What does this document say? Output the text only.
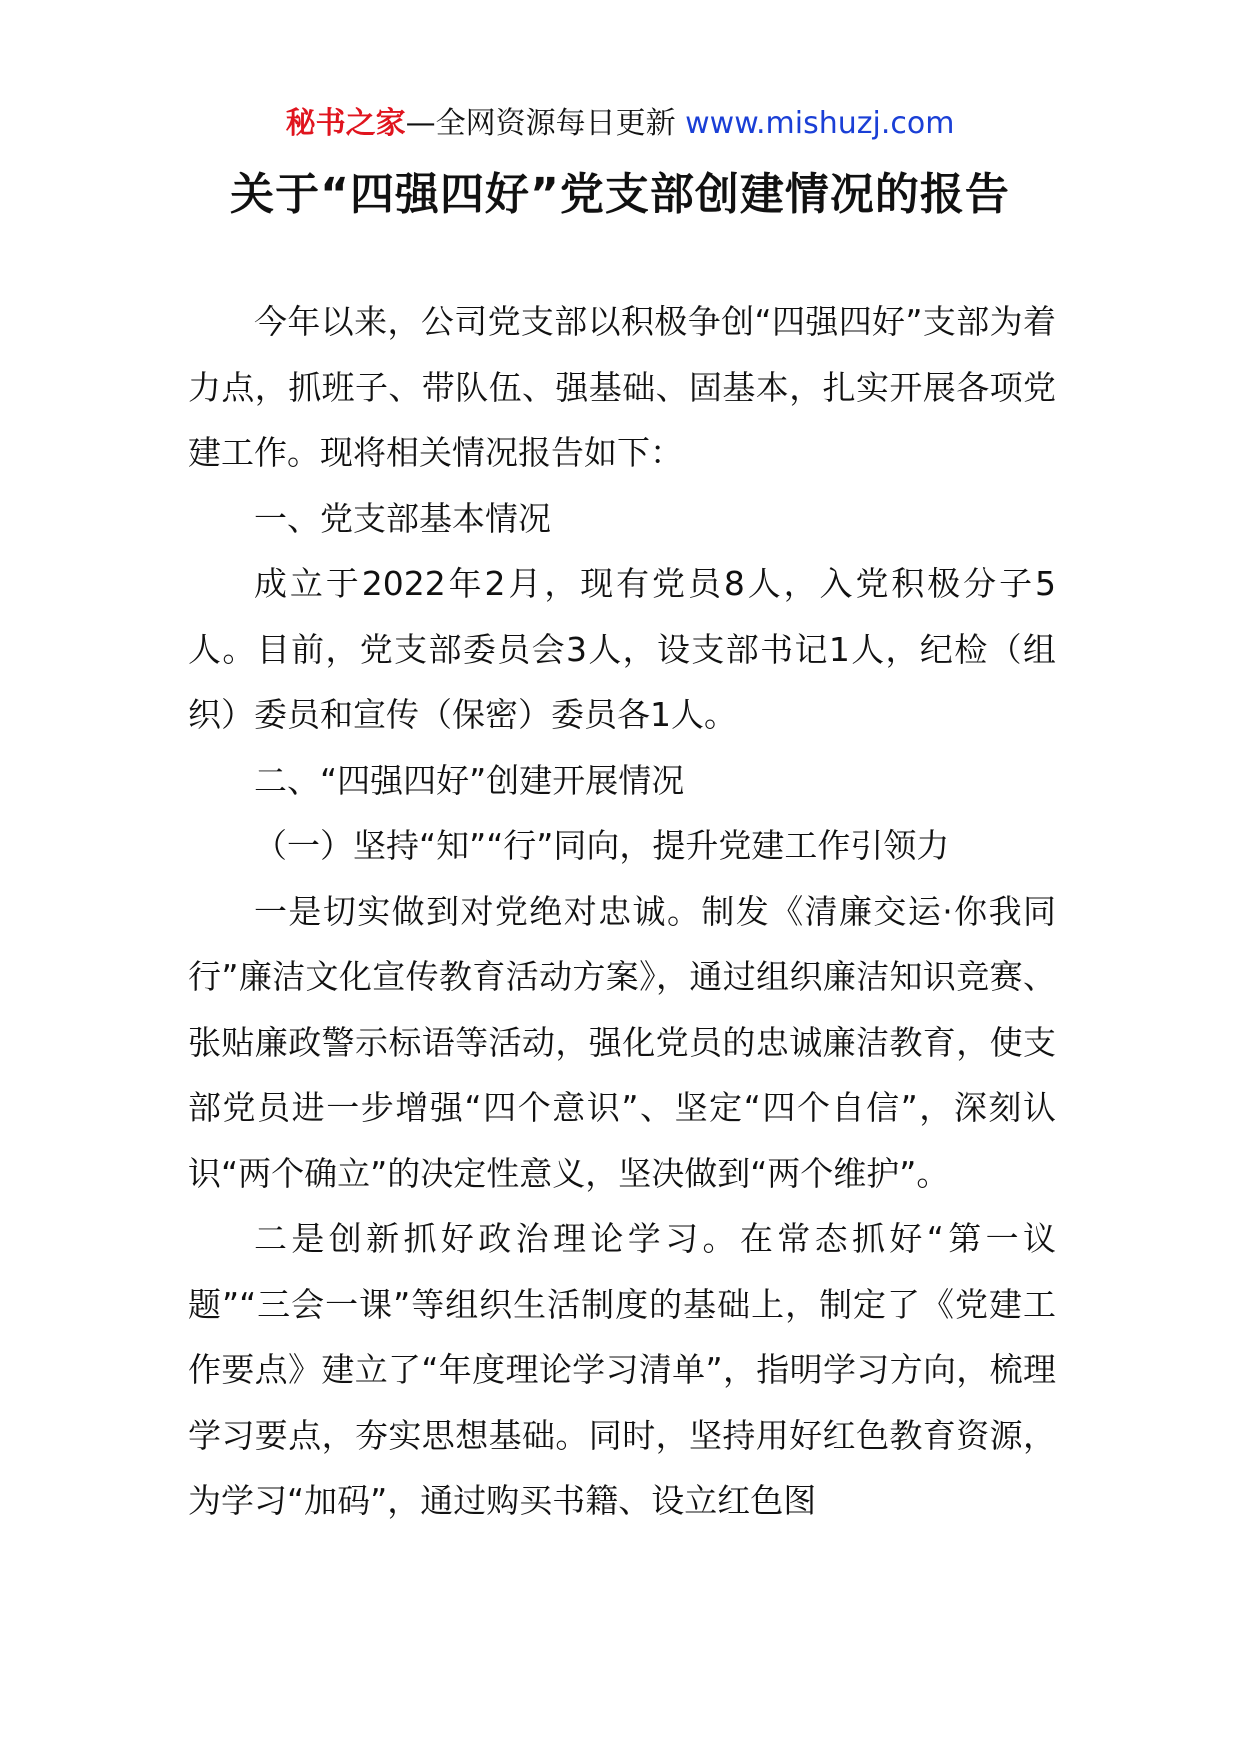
秘书之家—全网资源每日更新 www.mishuzj.com
关于“四强四好”党支部创建情况的报告

今年以来，公司党支部以积极争创“四强四好”支部为着力点，抓班子、带队伍、强基础、固基本，扎实开展各项党建工作。现将相关情况报告如下：

一、党支部基本情况

成立于2022年2月，现有党员8人，入党积极分子5人。目前，党支部委员会3人，设支部书记1人，纪检（组织）委员和宣传（保密）委员各1人。

二、“四强四好”创建开展情况

（一）坚持“知”“行”同向，提升党建工作引领力

一是切实做到对党绝对忠诚。制发《清廉交运·你我同行”廉洁文化宣传教育活动方案》，通过组织廉洁知识竞赛、张贴廉政警示标语等活动，强化党员的忠诚廉洁教育，使支部党员进一步增强“四个意识”、坚定“四个自信”，深刻认识“两个确立”的决定性意义，坚决做到“两个维护”。

二是创新抓好政治理论学习。在常态抓好“第一议题”“三会一课”等组织生活制度的基础上，制定了《党建工作要点》建立了“年度理论学习清单”，指明学习方向，梳理学习要点，夯实思想基础。同时，坚持用好红色教育资源，为学习“加码”，通过购买书籍、设立红色图
